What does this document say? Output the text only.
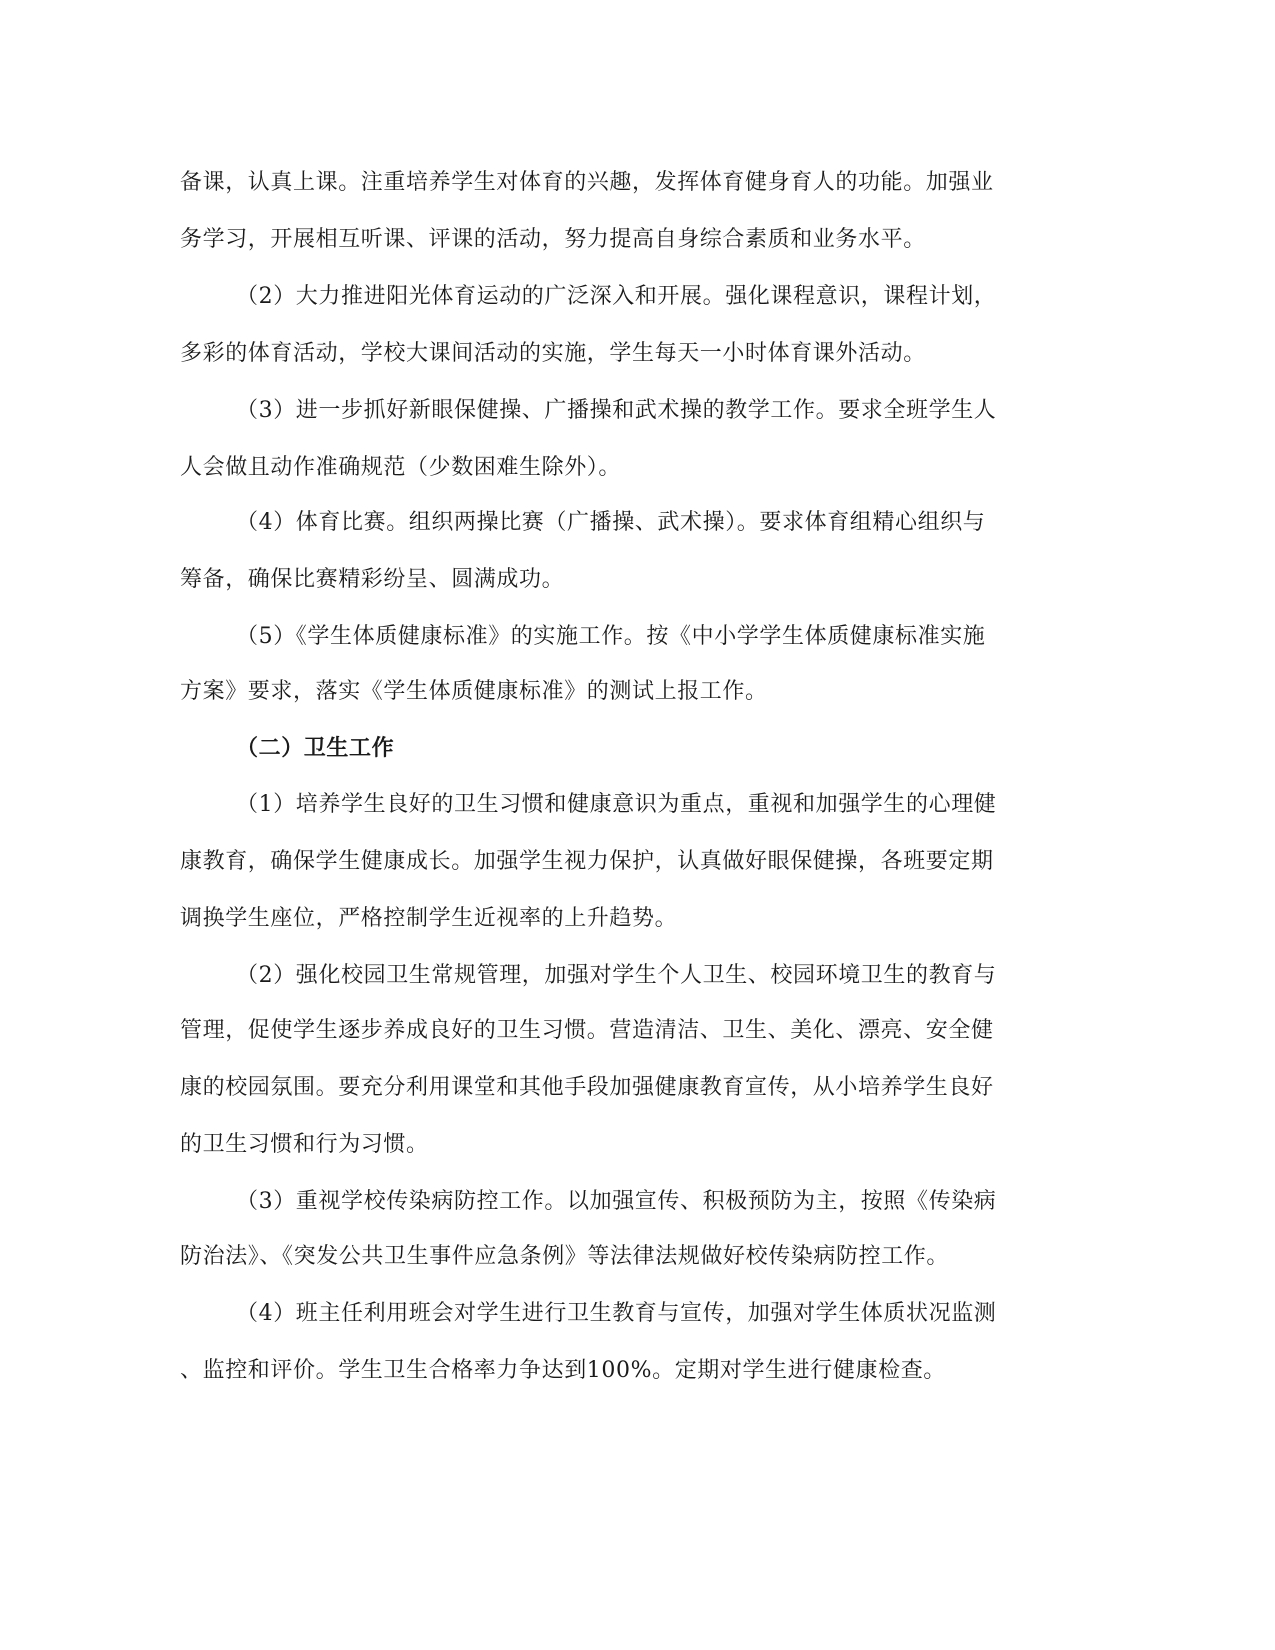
备课，认真上课。注重培养学生对体育的兴趣，发挥体育健身育人的功能。加强业
务学习，开展相互听课、评课的活动，努力提高自身综合素质和业务水平。
（2）大力推进阳光体育运动的广泛深入和开展。强化课程意识，课程计划，
多彩的体育活动，学校大课间活动的实施，学生每天一小时体育课外活动。
（3）进一步抓好新眼保健操、广播操和武术操的教学工作。要求全班学生人
人会做且动作准确规范（少数困难生除外）。
（4）体育比赛。组织两操比赛（广播操、武术操）。要求体育组精心组织与
筹备，确保比赛精彩纷呈、圆满成功。
（5）《学生体质健康标准》的实施工作。按《中小学学生体质健康标准实施
方案》要求，落实《学生体质健康标准》的测试上报工作。
（二）卫生工作
（1）培养学生良好的卫生习惯和健康意识为重点，重视和加强学生的心理健
康教育，确保学生健康成长。加强学生视力保护，认真做好眼保健操，各班要定期
调换学生座位，严格控制学生近视率的上升趋势。
（2）强化校园卫生常规管理，加强对学生个人卫生、校园环境卫生的教育与
管理，促使学生逐步养成良好的卫生习惯。营造清洁、卫生、美化、漂亮、安全健
康的校园氛围。要充分利用课堂和其他手段加强健康教育宣传，从小培养学生良好
的卫生习惯和行为习惯。
（3）重视学校传染病防控工作。以加强宣传、积极预防为主，按照《传染病
防治法》、《突发公共卫生事件应急条例》等法律法规做好校传染病防控工作。
（4）班主任利用班会对学生进行卫生教育与宣传，加强对学生体质状况监测
、监控和评价。学生卫生合格率力争达到100%。定期对学生进行健康检查。
